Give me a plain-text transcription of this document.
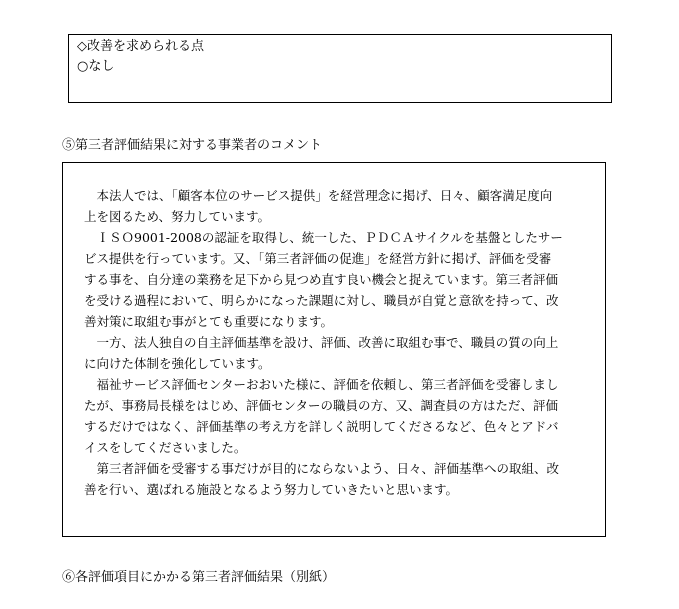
◇改善を求められる点
○なし
⑤第三者評価結果に対する事業者のコメント
　本法人では、「顧客本位のサービス提供」を経営理念に掲げ、日々、顧客満足度向
上を図るため、努力しています。
　ＩＳＯ9001-2008の認証を取得し、統一した、ＰＤＣＡサイクルを基盤としたサー
ビス提供を行っています。又、「第三者評価の促進」を経営方針に掲げ、評価を受審
する事を、自分達の業務を足下から見つめ直す良い機会と捉えています。第三者評価
を受ける過程において、明らかになった課題に対し、職員が自覚と意欲を持って、改
善対策に取組む事がとても重要になります。
　一方、法人独自の自主評価基準を設け、評価、改善に取組む事で、職員の質の向上
に向けた体制を強化しています。
　福祉サービス評価センターおおいた様に、評価を依頼し、第三者評価を受審しまし
たが、事務局長様をはじめ、評価センターの職員の方、又、調査員の方はただ、評価
するだけではなく、評価基準の考え方を詳しく説明してくださるなど、色々とアドバ
イスをしてくださいました。
　第三者評価を受審する事だけが目的にならないよう、日々、評価基準への取組、改
善を行い、選ばれる施設となるよう努力していきたいと思います。
⑥各評価項目にかかる第三者評価結果（別紙）
